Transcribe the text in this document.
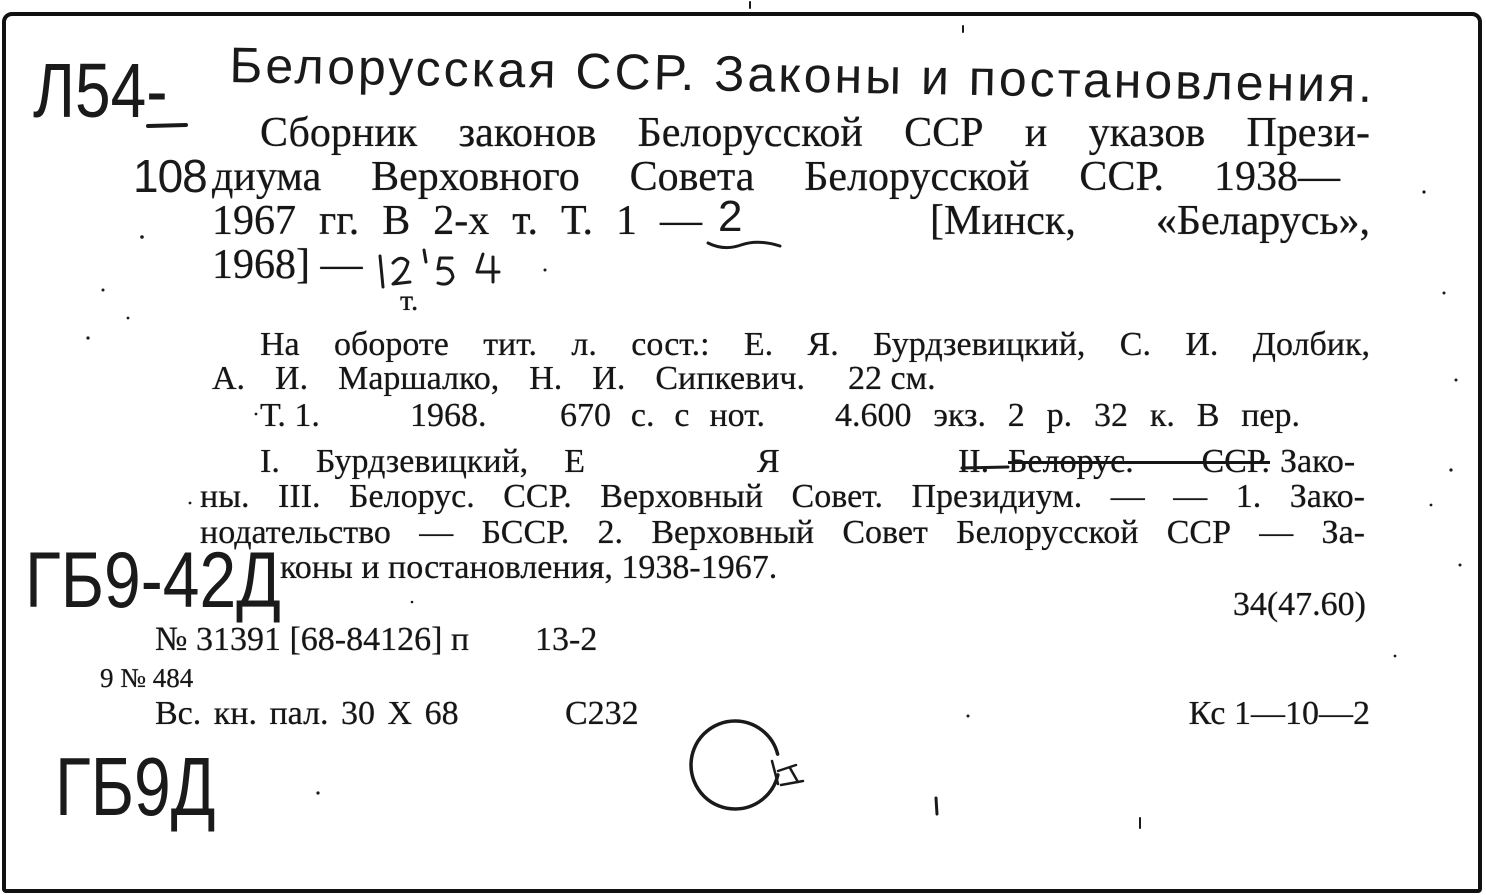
Л54-
108
Белорусская ССР. Законы и постановления.
Сборник законов Белорусской ССР и указов Прези-
диума Верховного Совета Белорусской ССР. 1938—
1967 гг. В 2-х т. Т. 1 — 2	[Минск, «Беларусь»,
1968] —
т.
На обороте тит. л. сост.: Е. Я. Бурдзевицкий, С. И. Долбик,
А. И. Маршалко, Н. И. Сипкевич. 22 см.
Т. 1.	1968. 670 с. с нот. 4.600 экз. 2 р. 32 к. В пер.
I. Бурдзевицкий, Е	Я	II. Белорус. ССР. Зако-
ны. III. Белорус. ССР. Верховный Совет. Президиум. — — 1. Зако-
нодательство — БССР. 2. Верховный Совет Белорусской ССР — За-
коны и постановления, 1938-1967.
ГБ9-42Д	34(47.60)
№ 31391 [68-84126] п 13-2
9 № 484
Вс. кн. пал. 30 X 68	С232	Кс 1—10—2
ГБ9Д
